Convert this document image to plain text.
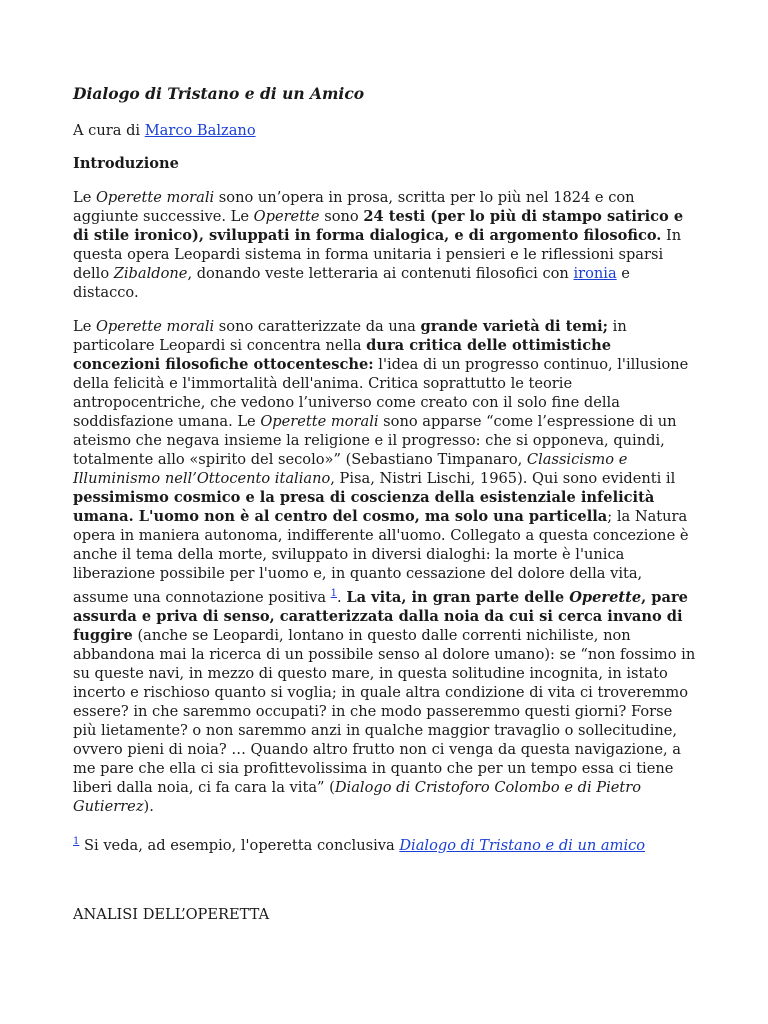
Dialogo di Tristano e di un Amico
A cura di Marco Balzano
Introduzione

Le Operette morali sono un’opera in prosa, scritta per lo più nel 1824 e con aggiunte successive. Le Operette sono 24 testi (per lo più di stampo satirico e di stile ironico), sviluppati in forma dialogica, e di argomento filosofico. In questa opera Leopardi sistema in forma unitaria i pensieri e le riflessioni sparsi dello Zibaldone, donando veste letteraria ai contenuti filosofici con ironia e distacco.

Le Operette morali sono caratterizzate da una grande varietà di temi; in particolare Leopardi si concentra nella dura critica delle ottimistiche concezioni filosofiche ottocentesche: l'idea di un progresso continuo, l'illusione della felicità e l'immortalità dell'anima. Critica soprattutto le teorie antropocentriche, che vedono l’universo come creato con il solo fine della soddisfazione umana. Le Operette morali sono apparse “come l’espressione di un ateismo che negava insieme la religione e il progresso: che si opponeva, quindi, totalmente allo «spirito del secolo»” (Sebastiano Timpanaro, Classicismo e Illuminismo nell’Ottocento italiano, Pisa, Nistri Lischi, 1965). Qui sono evidenti il pessimismo cosmico e la presa di coscienza della esistenziale infelicità umana. L'uomo non è al centro del cosmo, ma solo una particella; la Natura opera in maniera autonoma, indifferente all'uomo. Collegato a questa concezione è anche il tema della morte, sviluppato in diversi dialoghi: la morte è l'unica liberazione possibile per l'uomo e, in quanto cessazione del dolore della vita, assume una connotazione positiva $^1$. La vita, in gran parte delle Operette, pare assurda e priva di senso, caratterizzata dalla noia da cui si cerca invano di fuggire (anche se Leopardi, lontano in questo dalle correnti nichiliste, non abbandona mai la ricerca di un possibile senso al dolore umano): se “non fossimo in su queste navi, in mezzo di questo mare, in questa solitudine incognita, in istato incerto e rischioso quanto si voglia; in quale altra condizione di vita ci troveremmo essere? in che saremmo occupati? in che modo passeremmo questi giorni? Forse più lietamente? o non saremmo anzi in qualche maggior travaglio o sollecitudine, ovvero pieni di noia? … Quando altro frutto non ci venga da questa navigazione, a me pare che ella ci sia profittevolissima in quanto che per un tempo essa ci tiene liberi dalla noia, ci fa cara la vita” (Dialogo di Cristoforo Colombo e di Pietro Gutierrez).

$^1$ Si veda, ad esempio, l'operetta conclusiva Dialogo di Tristano e di un amico

ANALISI DELL’OPERETTA
